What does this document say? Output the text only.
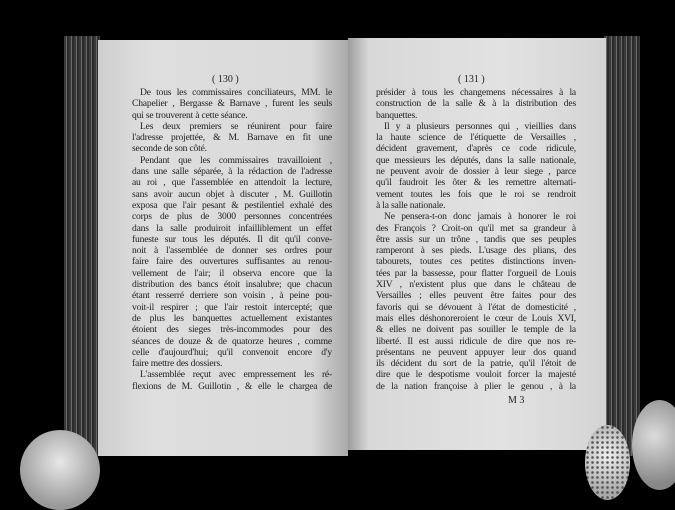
( 130 )
De tous les commissaires conciliateurs, MM. le
Chapelier , Bergasse & Barnave , furent les seuls
qui se trouverent à cette séance.
Les deux premiers se réunirent pour faire
l'adresse projettée, & M. Barnave en fit une
seconde de son côté.
Pendant que les commissaires travailloient ,
dans une salle séparée, à la rédaction de l'adresse
au roi , que l'assemblée en attendoit la lecture,
sans avoir aucun objet à discuter , M. Guillotin
exposa que l'air pesant & pestilentiel exhalé des
corps de plus de 3000 personnes concentrées
dans la salle produiroit infailliblement un effet
funeste sur tous les députés. Il dit qu'il conve-
noit à l'assemblée de donner ses ordres pour
faire faire des ouvertures suffisantes au renou-
vellement de l'air; il observa encore que la
distribution des bancs étoit insalubre; que chacun
étant resserré derriere son voisin , à peine pou-
voit-il respirer ; que l'air restoit intercepté; que
de plus les banquettes actuellement existantes
étoient des sieges très-incommodes pour des
séances de douze & de quatorze heures , comme
celle d'aujourd'hui; qu'il convenoit encore d'y
faire mettre des dossiers.
L'assemblée reçut avec empressement les ré-
flexions de M. Guillotin , & elle le chargea de
( 131 )
présider à tous les changemens nécessaires à la
construction de la salle & à la distribution des
banquettes.
Il y a plusieurs personnes qui , vieillies dans
la haute science de l'étiquette de Versailles ,
décident gravement, d'après ce code ridicule,
que messieurs les députés, dans la salle nationale,
ne peuvent avoir de dossier à leur siege , parce
qu'il faudroit les ôter & les remettre alternati-
vement toutes les fois que le roi se rendroit
à la salle nationale.
Ne pensera-t-on donc jamais à honorer le roi
des François ? Croit-on qu'il met sa grandeur à
être assis sur un trône , tandis que ses peuples
ramperont à ses pieds. L'usage des plians, des
tabourets, toutes ces petites distinctions inven-
tées par la bassesse, pour flatter l'orgueil de Louis
XIV , n'existent plus que dans le château de
Versailles ; elles peuvent être faites pour des
favoris qui se dévouent à l'état de domesticité ,
mais elles déshonoreroient le cœur de Louis XVI,
& elles ne doivent pas souiller le temple de la
liberté. Il est aussi ridicule de dire que nos re-
présentans ne peuvent appuyer leur dos quand
ils décident du sort de la patrie, qu'il l'étoit de
dire que le despotisme vouloit forcer la majesté
de la nation françoise à plier le genou , à la
M 3
